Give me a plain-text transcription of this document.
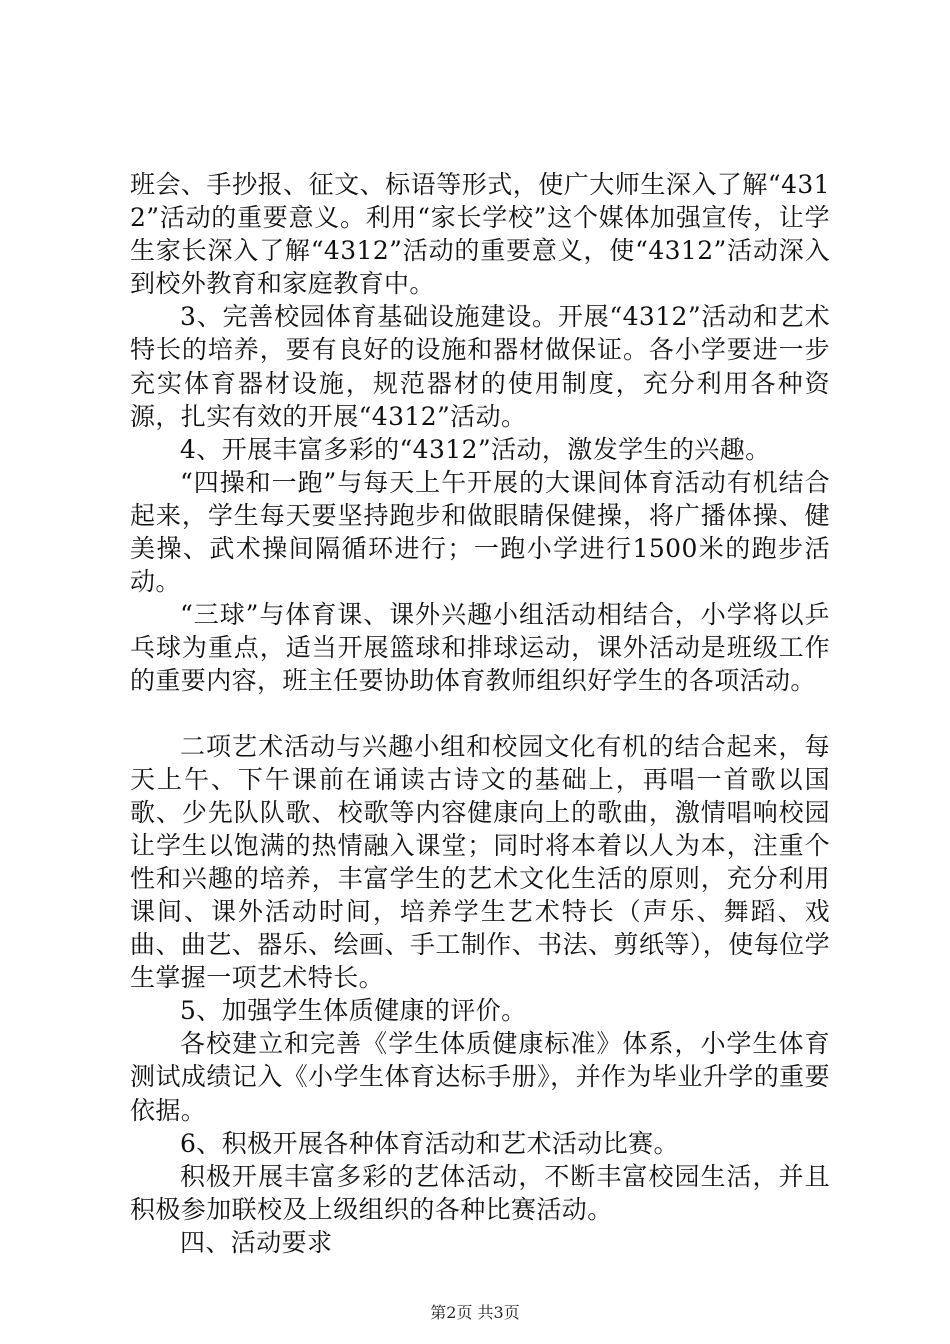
班会、手抄报、征文、标语等形式，使广大师生深入了解“4312”活动的重要意义。利用“家长学校”这个媒体加强宣传，让学生家长深入了解“4312”活动的重要意义，使“4312”活动深入到校外教育和家庭教育中。

3、完善校园体育基础设施建设。开展“4312”活动和艺术特长的培养，要有良好的设施和器材做保证。各小学要进一步充实体育器材设施，规范器材的使用制度，充分利用各种资源，扎实有效的开展“4312”活动。

4、开展丰富多彩的“4312”活动，激发学生的兴趣。

“四操和一跑”与每天上午开展的大课间体育活动有机结合起来，学生每天要坚持跑步和做眼睛保健操，将广播体操、健美操、武术操间隔循环进行；一跑小学进行1500米的跑步活动。

“三球”与体育课、课外兴趣小组活动相结合，小学将以乒乓球为重点，适当开展篮球和排球运动，课外活动是班级工作的重要内容，班主任要协助体育教师组织好学生的各项活动。

二项艺术活动与兴趣小组和校园文化有机的结合起来，每天上午、下午课前在诵读古诗文的基础上，再唱一首歌以国歌、少先队队歌、校歌等内容健康向上的歌曲，激情唱响校园让学生以饱满的热情融入课堂；同时将本着以人为本，注重个性和兴趣的培养，丰富学生的艺术文化生活的原则，充分利用课间、课外活动时间，培养学生艺术特长（声乐、舞蹈、戏曲、曲艺、器乐、绘画、手工制作、书法、剪纸等），使每位学生掌握一项艺术特长。

5、加强学生体质健康的评价。

各校建立和完善《学生体质健康标准》体系，小学生体育测试成绩记入《小学生体育达标手册》，并作为毕业升学的重要依据。

6、积极开展各种体育活动和艺术活动比赛。

积极开展丰富多彩的艺体活动，不断丰富校园生活，并且积极参加联校及上级组织的各种比赛活动。

四、活动要求

第2页 共3页
